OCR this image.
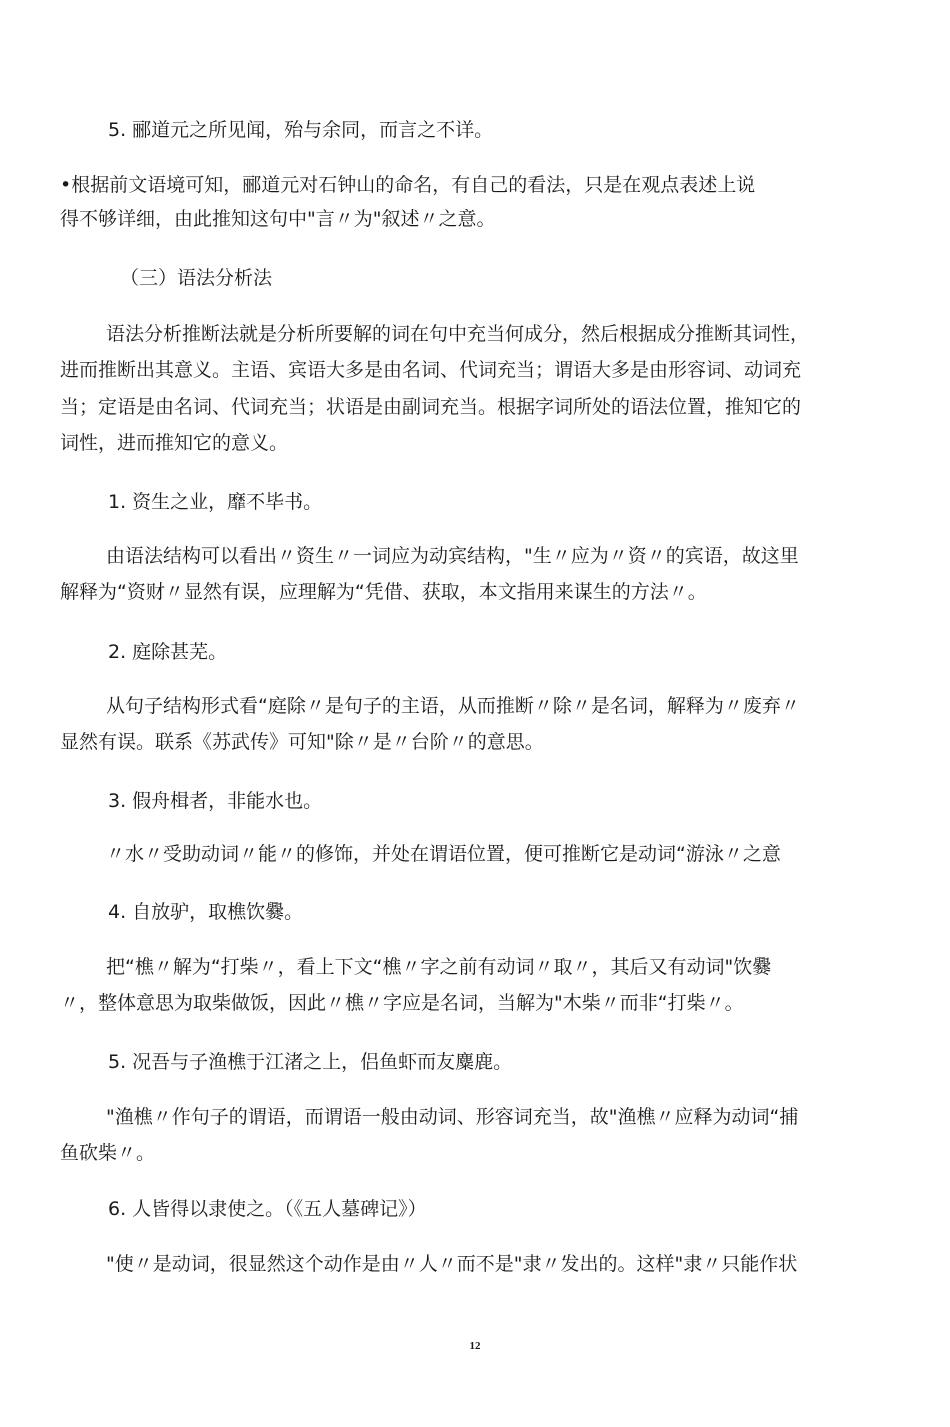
5. 郦道元之所见闻，殆与余同，而言之不详。
•根据前文语境可知，郦道元对石钟山的命名，有自己的看法，只是在观点表述上说
得不够详细，由此推知这句中"言〃为"叙述〃之意。
（三）语法分析法
语法分析推断法就是分析所要解的词在句中充当何成分，然后根据成分推断其词性，
进而推断出其意义。主语、宾语大多是由名词、代词充当；谓语大多是由形容词、动词充
当；定语是由名词、代词充当；状语是由副词充当。根据字词所处的语法位置，推知它的
词性，进而推知它的意义。
1. 资生之业，靡不毕书。
由语法结构可以看出〃资生〃一词应为动宾结构，"生〃应为〃资〃的宾语，故这里
解释为“资财〃显然有误，应理解为“凭借、获取，本文指用来谋生的方法〃。
2. 庭除甚芜。
从句子结构形式看“庭除〃是句子的主语，从而推断〃除〃是名词，解释为〃废弃〃
显然有误。联系《苏武传》可知"除〃是〃台阶〃的意思。
3. 假舟楫者，非能水也。
〃水〃受助动词〃能〃的修饰，并处在谓语位置，便可推断它是动词“游泳〃之意
4. 自放驴，取樵饮爨。
把“樵〃解为“打柴〃，看上下文“樵〃字之前有动词〃取〃，其后又有动词"饮爨
〃，整体意思为取柴做饭，因此〃樵〃字应是名词，当解为"木柴〃而非“打柴〃。
5. 况吾与子渔樵于江渚之上，侣鱼虾而友麋鹿。
"渔樵〃作句子的谓语，而谓语一般由动词、形容词充当，故"渔樵〃应释为动词“捕
鱼砍柴〃。
6. 人皆得以隶使之。（《五人墓碑记》）
"使〃是动词，很显然这个动作是由〃人〃而不是"隶〃发出的。这样"隶〃只能作状
12
